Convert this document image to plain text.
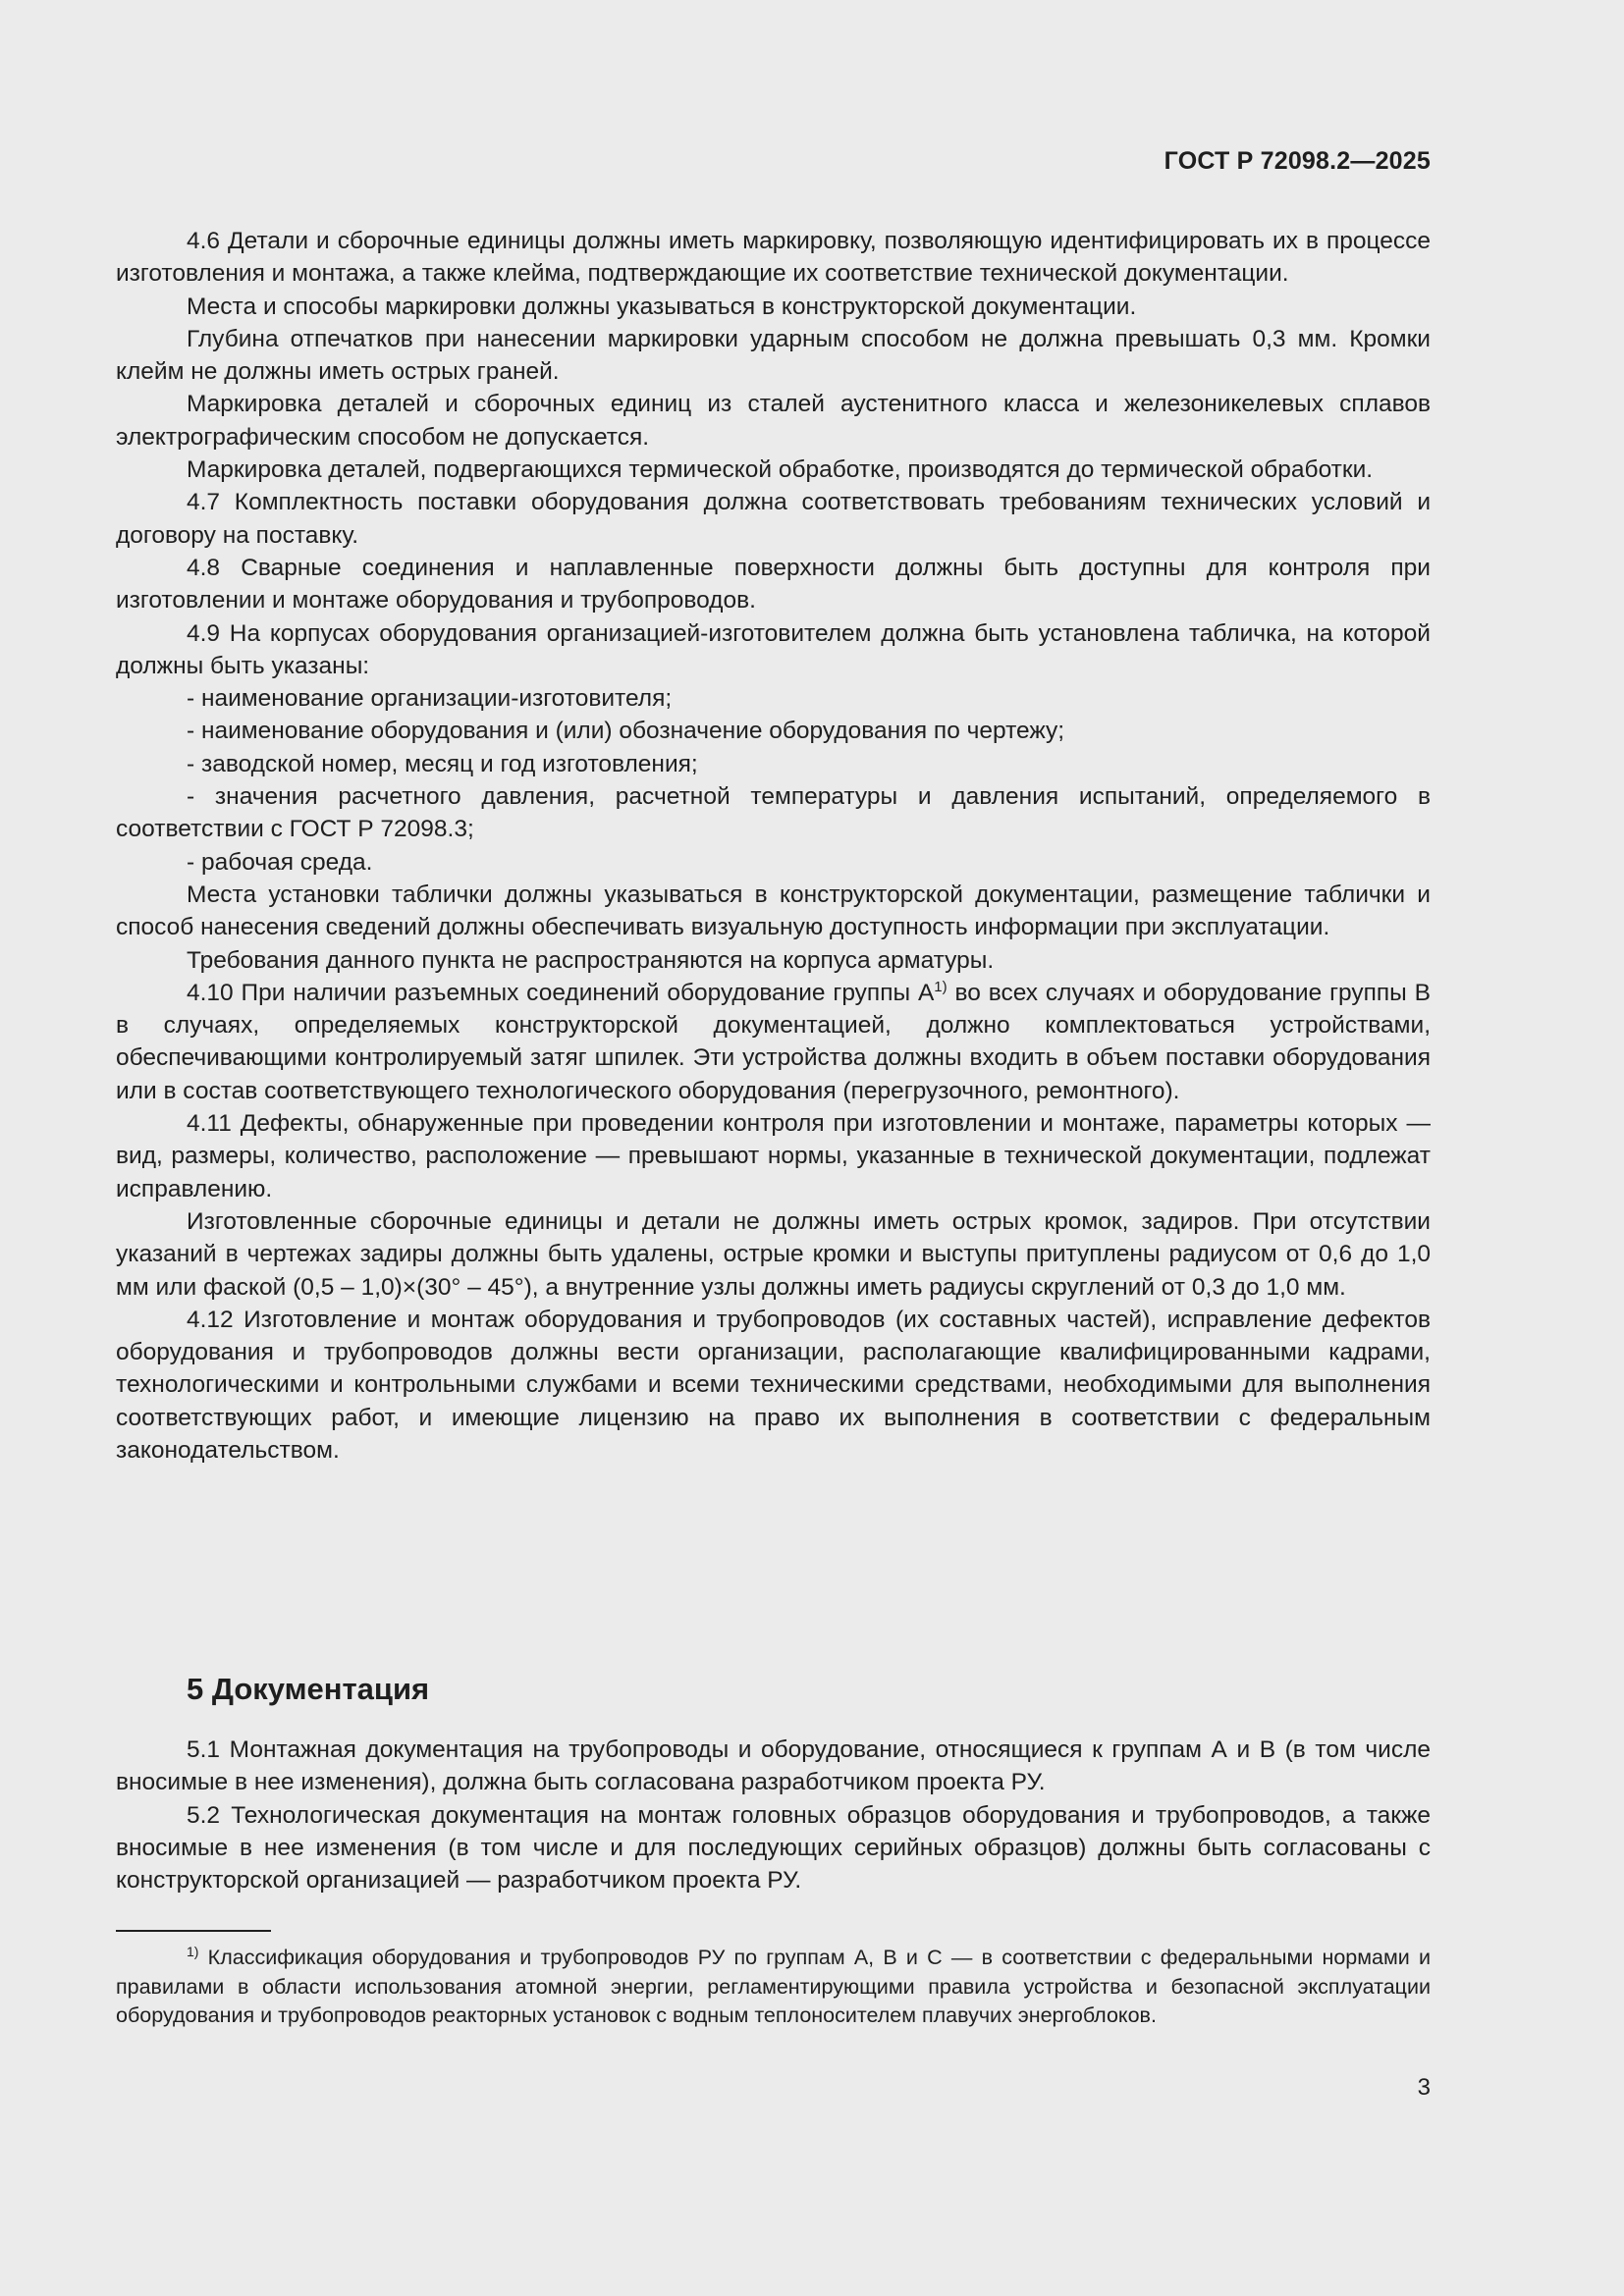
ГОСТ Р 72098.2—2025

4.6 Детали и сборочные единицы должны иметь маркировку, позволяющую идентифицировать их в процессе изготовления и монтажа, а также клейма, подтверждающие их соответствие технической документации.

Места и способы маркировки должны указываться в конструкторской документации.

Глубина отпечатков при нанесении маркировки ударным способом не должна превышать 0,3 мм. Кромки клейм не должны иметь острых граней.

Маркировка деталей и сборочных единиц из сталей аустенитного класса и железоникелевых сплавов электрографическим способом не допускается.

Маркировка деталей, подвергающихся термической обработке, производятся до термической обработки.

4.7 Комплектность поставки оборудования должна соответствовать требованиям технических условий и договору на поставку.

4.8 Сварные соединения и наплавленные поверхности должны быть доступны для контроля при изготовлении и монтаже оборудования и трубопроводов.

4.9 На корпусах оборудования организацией-изготовителем должна быть установлена табличка, на которой должны быть указаны:

- наименование организации-изготовителя;

- наименование оборудования и (или) обозначение оборудования по чертежу;

- заводской номер, месяц и год изготовления;

- значения расчетного давления, расчетной температуры и давления испытаний, определяемого в соответствии с ГОСТ Р 72098.3;

- рабочая среда.

Места установки таблички должны указываться в конструкторской документации, размещение таблички и способ нанесения сведений должны обеспечивать визуальную доступность информации при эксплуатации.

Требования данного пункта не распространяются на корпуса арматуры.

4.10 При наличии разъемных соединений оборудование группы $А^{1)}$ во всех случаях и оборудование группы В в случаях, определяемых конструкторской документацией, должно комплектоваться устройствами, обеспечивающими контролируемый затяг шпилек. Эти устройства должны входить в объем поставки оборудования или в состав соответствующего технологического оборудования (перегрузочного, ремонтного).

4.11 Дефекты, обнаруженные при проведении контроля при изготовлении и монтаже, параметры которых — вид, размеры, количество, расположение — превышают нормы, указанные в технической документации, подлежат исправлению.

Изготовленные сборочные единицы и детали не должны иметь острых кромок, задиров. При отсутствии указаний в чертежах задиры должны быть удалены, острые кромки и выступы притуплены радиусом от 0,6 до 1,0 мм или фаской (0,5 – 1,0)×(30° – 45°), а внутренние узлы должны иметь радиусы скруглений от 0,3 до 1,0 мм.

4.12 Изготовление и монтаж оборудования и трубопроводов (их составных частей), исправление дефектов оборудования и трубопроводов должны вести организации, располагающие квалифицированными кадрами, технологическими и контрольными службами и всеми техническими средствами, необходимыми для выполнения соответствующих работ, и имеющие лицензию на право их выполнения в соответствии с федеральным законодательством.

5 Документация

5.1 Монтажная документация на трубопроводы и оборудование, относящиеся к группам А и В (в том числе вносимые в нее изменения), должна быть согласована разработчиком проекта РУ.

5.2 Технологическая документация на монтаж головных образцов оборудования и трубопроводов, а также вносимые в нее изменения (в том числе и для последующих серийных образцов) должны быть согласованы с конструкторской организацией — разработчиком проекта РУ.

$^{1)}$ Классификация оборудования и трубопроводов РУ по группам А, В и С — в соответствии с федеральными нормами и правилами в области использования атомной энергии, регламентирующими правила устройства и безопасной эксплуатации оборудования и трубопроводов реакторных установок с водным теплоносителем плавучих энергоблоков.

3
